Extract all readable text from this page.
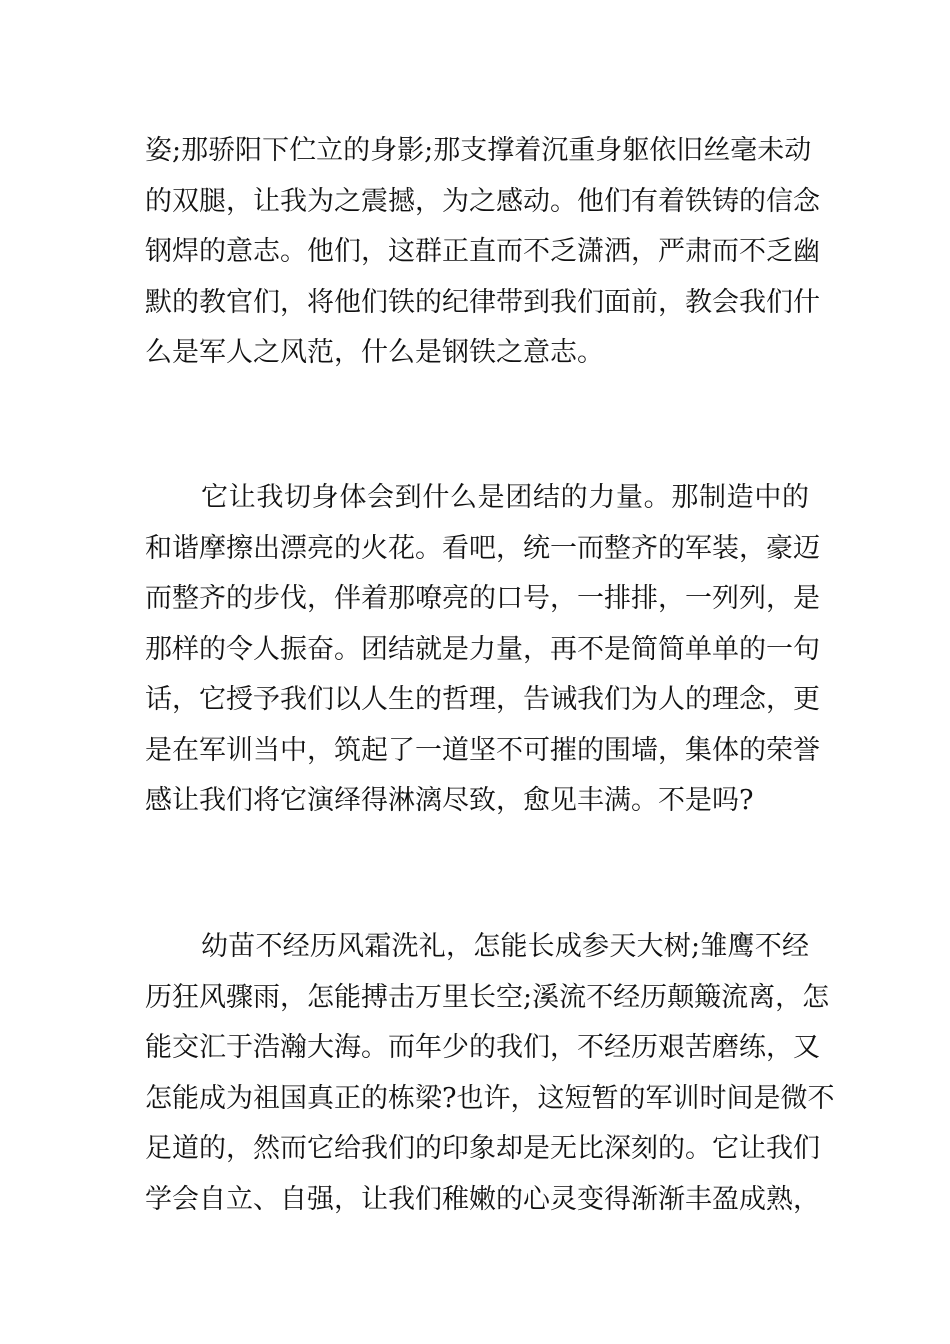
姿;那骄阳下伫立的身影;那支撑着沉重身躯依旧丝毫未动
的双腿，让我为之震撼，为之感动。他们有着铁铸的信念
钢焊的意志。他们，这群正直而不乏潇洒，严肃而不乏幽
默的教官们，将他们铁的纪律带到我们面前，教会我们什
么是军人之风范，什么是钢铁之意志。
它让我切身体会到什么是团结的力量。那制造中的
和谐摩擦出漂亮的火花。看吧，统一而整齐的军装，豪迈
而整齐的步伐，伴着那嘹亮的口号，一排排，一列列，是
那样的令人振奋。团结就是力量，再不是简简单单的一句
话，它授予我们以人生的哲理，告诫我们为人的理念，更
是在军训当中，筑起了一道坚不可摧的围墙，集体的荣誉
感让我们将它演绎得淋漓尽致，愈见丰满。不是吗?
幼苗不经历风霜洗礼，怎能长成参天大树;雏鹰不经
历狂风骤雨，怎能搏击万里长空;溪流不经历颠簸流离，怎
能交汇于浩瀚大海。而年少的我们，不经历艰苦磨练，又
怎能成为祖国真正的栋梁?也许，这短暂的军训时间是微不
足道的，然而它给我们的印象却是无比深刻的。它让我们
学会自立、自强，让我们稚嫩的心灵变得渐渐丰盈成熟，
